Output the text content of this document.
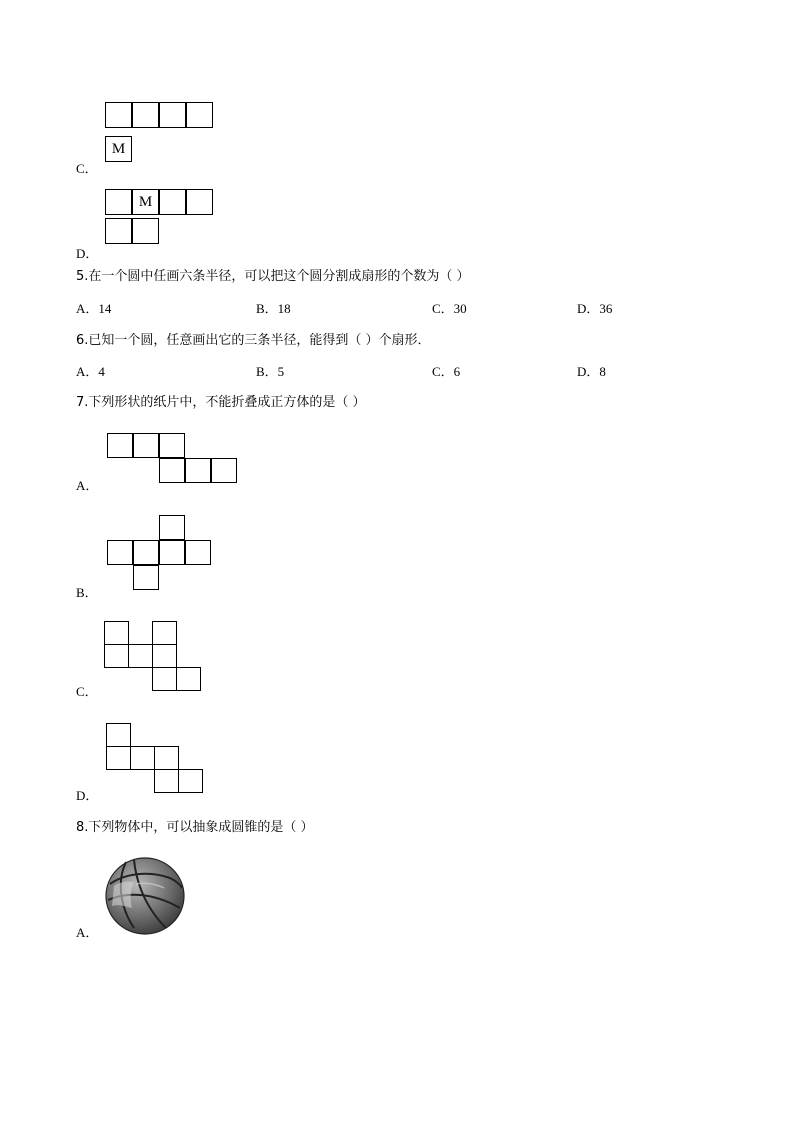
M
C．
M
D．
5.在一个圆中任画六条半径，可以把这个圆分割成扇形的个数为（ ）
A．14	B．18	C．30	D．36
6.已知一个圆，任意画出它的三条半径，能得到（ ）个扇形．
A．4	B．5	C．6	D．8
7.下列形状的纸片中，不能折叠成正方体的是（ ）
A．
B．
C．
D．
8.下列物体中，可以抽象成圆锥的是（ ）
A．
